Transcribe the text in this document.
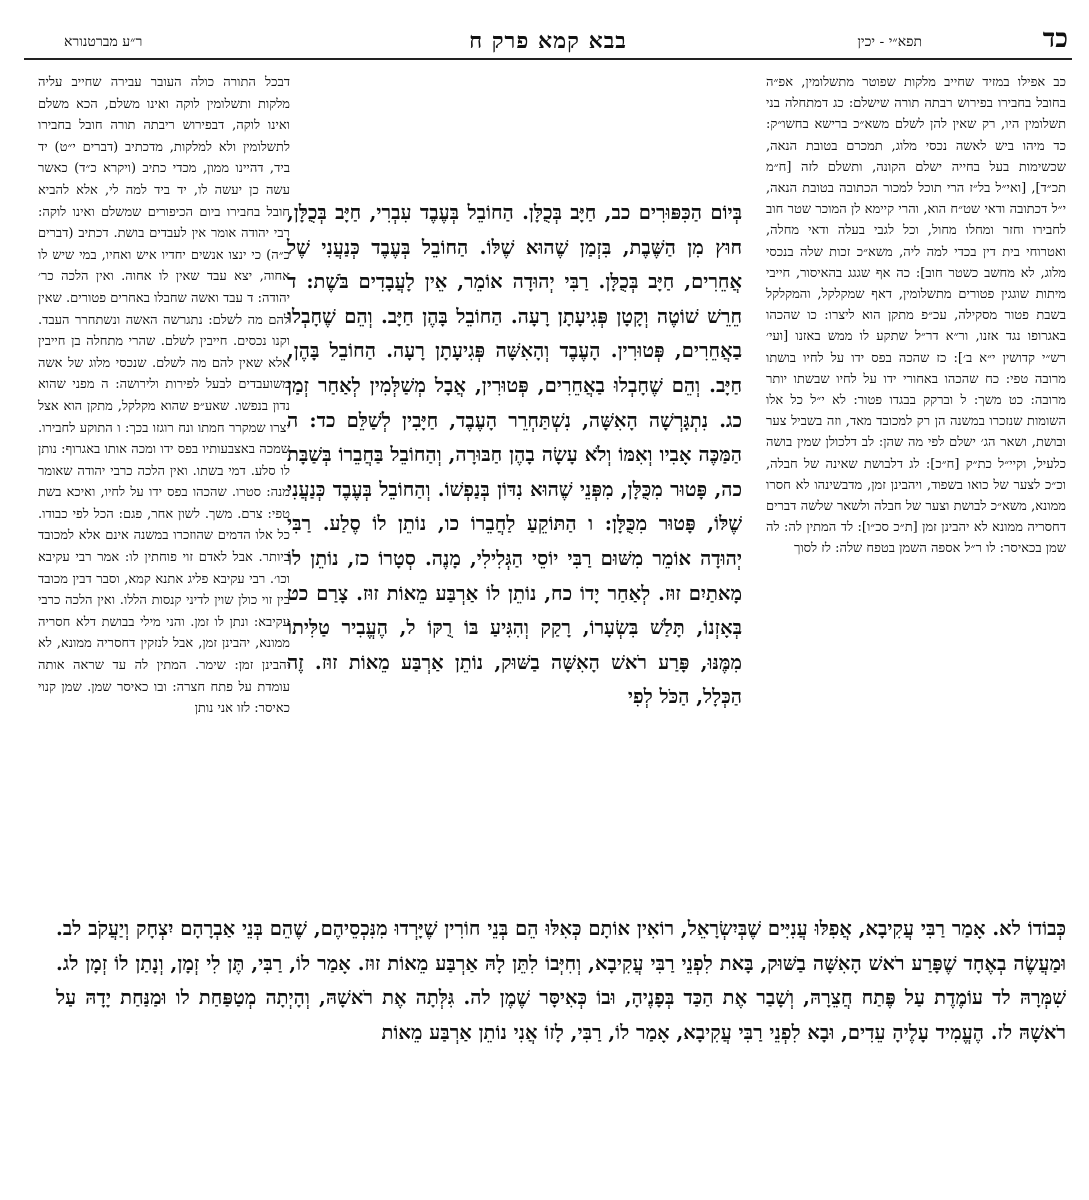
כד
תפא״י - יכין
בבא קמא פרק ח
ר״ע מברטנורא

כב אפילו במזיד שחייב מלקות שפוטר מתשלומין, אפ״ה בחובל בחבירו בפירוש רבתה תורה שישלם: כג דמתחלה בני תשלומין היו, רק שאין להן לשלם משא״כ ברישא בחשו״ק: כד מיהו ביש לאשה נכסי מלוג, תמכרם בטובת הנאה, שכשימות בעל בחייה ישלם הקונה, ותשלם לזה [ח״מ תכ״ד], [ואי״ל בל״ז הרי תוכל למכור הכתובה בטובת הנאה, י״ל דכתובה ודאי שט״ח הוא, והרי קיימא לן המוכר שטר חוב לחבירו וחזר ומחלו מחול, וכל לגבי בעלה ודאי מחלה, ואטרוחי בית דין בכדי למה ליה, משא״כ זכות שלה בנכסי מלוג, לא מחשב כשטר חוב]: כה אף שגגג בהאיסור, חייבי מיתות שוגגין פטורים מתשלומין, דאף שמקלקל, והמקלקל בשבת פטור מסקילה, עכ״פ מתקן הוא ליצרו: כו שהכהו באגרופו נגד אזנו, ור״א דר״ל שתקע לו ממש באזנו [ועי׳ רש״י קדושין י״א ב׳]: כז שהכה בפס ידו על לחיו בושתו מרובה טפי: כח שהכהו באחורי ידו על לחיו שבשתו יותר מרובה: כט משך: ל וברקק בבגדו פטור: לא י״ל כל אלו השומות שנזכרו במשנה הן רק למכובד מאד, וזה בשביל צער ובושת, ושאר הג׳ ישלם לפי מה שהן: לב דלכולן שמין בושה כלעיל, וקיי״ל כת״ק [ח״כ]: לג דלבושת שאינה של חבלה, וכ״כ לצער של כואו בשפוד, ויהבינן זמן, מדבשינהו לא חסרו ממונא, משא״כ לבושת וצער של חבלה ולשאר שלשה דברים דחסריה ממונא לא יהבינן זמן [ת״כ סכ״ו]: לד המתין לה: לה שמן בכאיסר: לו ר״ל אספה השמן בטפח שלה: לז לסוך

בְּיוֹם הַכִּפּוּרִים כב, חַיָּב בְּכֻלָּן. הַחוֹבֵל בְּעֶבֶד עִבְרִי, חַיָּב בְּכֻלָּן, חוּץ מִן הַשֶּׁבֶת, בִּזְמַן שֶׁהוּא שֶׁלּוֹ. הַחוֹבֵל בְּעֶבֶד כְּנַעֲנִי שֶׁל אֲחֵרִים, חַיָּב בְּכֻלָּן. רַבִּי יְהוּדָה אוֹמֵר, אֵין לָעֲבָדִים בֹּשֶׁת: ד חֵרֵשׁ שׁוֹטֶה וְקָטָן פְּגִיעָתָן רָעָה. הַחוֹבֵל בָּהֶן חַיָּב. וְהֵם שֶׁחָבְלוּ בַאֲחֵרִים, פְּטוּרִין. הָעֶבֶד וְהָאִשָּׁה פְּגִיעָתָן רָעָה. הַחוֹבֵל בָּהֶן, חַיָּב. וְהֵם שֶׁחָבְלוּ בַאֲחֵרִים, פְּטוּרִין, אֲבָל מְשַׁלְּמִין לְאַחַר זְמַן כג. נִתְגָּרְשָׁה הָאִשָּׁה, נִשְׁתַּחְרֵר הָעֶבֶד, חַיָּבִין לְשַׁלֵּם כד: ה הַמַּכֶּה אָבִיו וְאִמּוֹ וְלֹא עָשָׂה בָהֶן חַבּוּרָה, וְהַחוֹבֵל בַּחֲבֵרוֹ בְּשַׁבָּת כה, פָּטוּר מִכֻּלָּן, מִפְּנֵי שֶׁהוּא נִדּוֹן בְּנַפְשׁוֹ. וְהַחוֹבֵל בְּעֶבֶד כְּנַעֲנִי שֶׁלּוֹ, פָּטוּר מִכֻּלָּן: ו הַתּוֹקֵעַ לַחֲבֵרוֹ כו, נוֹתֵן לוֹ סֶלַע. רַבִּי יְהוּדָה אוֹמֵר מִשּׁוּם רַבִּי יוֹסֵי הַגְּלִילִי, מָנֶה. סְטָרוֹ כז, נוֹתֵן לוֹ מָאתַיִם זוּז. לְאַחַר יָדוֹ כח, נוֹתֵן לוֹ אַרְבַּע מֵאוֹת זוּז. צָרַם כט בְּאָזְנוֹ, תָּלַשׁ בִּשְׂעָרוֹ, רָקַק וְהִגִּיעַ בּוֹ רֻקּוֹ ל, הֶעֱבִיר טַלִּיתוֹ מִמֶּנּוּ, פָּרַע רֹאשׁ הָאִשָּׁה בַשּׁוּק, נוֹתֵן אַרְבַּע מֵאוֹת זוּז. זֶה הַכְּלָל, הַכֹּל לְפִי

דבכל התורה כולה העובר עבירה שחייב עליה מלקות ותשלומין לוקה ואינו משלם, הכא משלם ואינו לוקה, דבפירוש ריבתה תורה חובל בחבירו לתשלומין ולא למלקות, מדכתיב (דברים י״ט) יד ביד, דהיינו ממון, מכדי כתיב (ויקרא כ״ד) כאשר עשה כן יעשה לו, יד ביד למה לי, אלא להביא חובל בחבירו ביום הכיפורים שמשלם ואינו לוקה: רבי יהודה אומר אין לעבדים בושת. דכתיב (דברים כ״ה) כי ינצו אנשים יחדיו איש ואחיו, במי שיש לו אחוה, יצא עבד שאין לו אחוה. ואין הלכה כר׳ יהודה: ד עבד ואשה שחבלו באחרים פטורים. שאין להם מה לשלם: נתגרשה האשה ונשתחרר העבד. וקנו נכסים. חייבין לשלם. שהרי מתחלה בן חייבין אלא שאין להם מה לשלם. שנכסי מלוג של אשה משועבדים לבעל לפירות ולירושה: ה מפני שהוא נדון בנפשו. שאע״פ שהוא מקלקל, מתקן הוא אצל יצרו שמקרר חמתו ונח רוגזו בכך: ו התוקע לחבירו. שמכה באצבעותיו בפס ידו ומכה אותו באגרוף: נותן לו סלע. דמי בשתו. ואין הלכה כרבי יהודה שאומר מנה: סטרו. שהכהו בפס ידו על לחיו, ואיכא בשת טפי: צרם. משך. לשון אחר, פגם: הכל לפי כבודו. כל אלו הדמים שהוזכרו במשנה אינם אלא למכובד ביותר. אבל לאדם זוי פוחתין לו: אמר רבי עקיבא וכו׳. רבי עקיבא פליג אתנא קמא, וסבר דבין מכובד בין זוי כולן שוין לדיני קנסות הללו. ואין הלכה כרבי עקיבא: ונתן לו זמן. והני מילי בבושת דלא חסריה ממונא, יהבינן זמן, אבל לנזקין דחסריה ממונא, לא יהבינן זמן: שימר. המתין לה עד שראה אותה עומדת על פתח חצרה: ובו כאיסר שמן. שמן קנוי כאיסר: לזו אני נותן

כְּבוֹדוֹ לא. אָמַר רַבִּי עֲקִיבָא, אֲפִלּוּ עֲנִיִּים שֶׁבְּיִשְׂרָאֵל, רוֹאִין אוֹתָם כְּאִלּוּ הֵם בְּנֵי חוֹרִין שֶׁיָּרְדוּ מִנִּכְסֵיהֶם, שֶׁהֵם בְּנֵי אַבְרָהָם יִצְחָק וְיַעֲקֹב לב. וּמַעֲשֶׂה בְאֶחָד שֶׁפָּרַע רֹאשׁ הָאִשָּׁה בַשּׁוּק, בָּאת לִפְנֵי רַבִּי עֲקִיבָא, וְחִיְּבוֹ לִתֵּן לָהּ אַרְבַּע מֵאוֹת זוּז. אָמַר לוֹ, רַבִּי, תֶּן לִי זְמָן, וְנָתַן לוֹ זְמָן לג. שִׁמְּרָהּ לד עוֹמֶדֶת עַל פֶּתַח חֲצֵרָהּ, וְשָׁבַר אֶת הַכַּד בְּפָנֶיהָ, וּבוֹ כְּאִיסָּר שֶׁמֶן לה. גִּלְּתָה אֶת רֹאשָׁהּ, וְהָיְתָה מְטַפַּחַת לו וּמַנַּחַת יָדָהּ עַל רֹאשָׁהּ לז. הֶעֱמִיד עָלֶיהָ עֵדִים, וּבָא לִפְנֵי רַבִּי עֲקִיבָא, אָמַר לוֹ, רַבִּי, לָזוֹ אֲנִי נוֹתֵן אַרְבַּע מֵאוֹת
